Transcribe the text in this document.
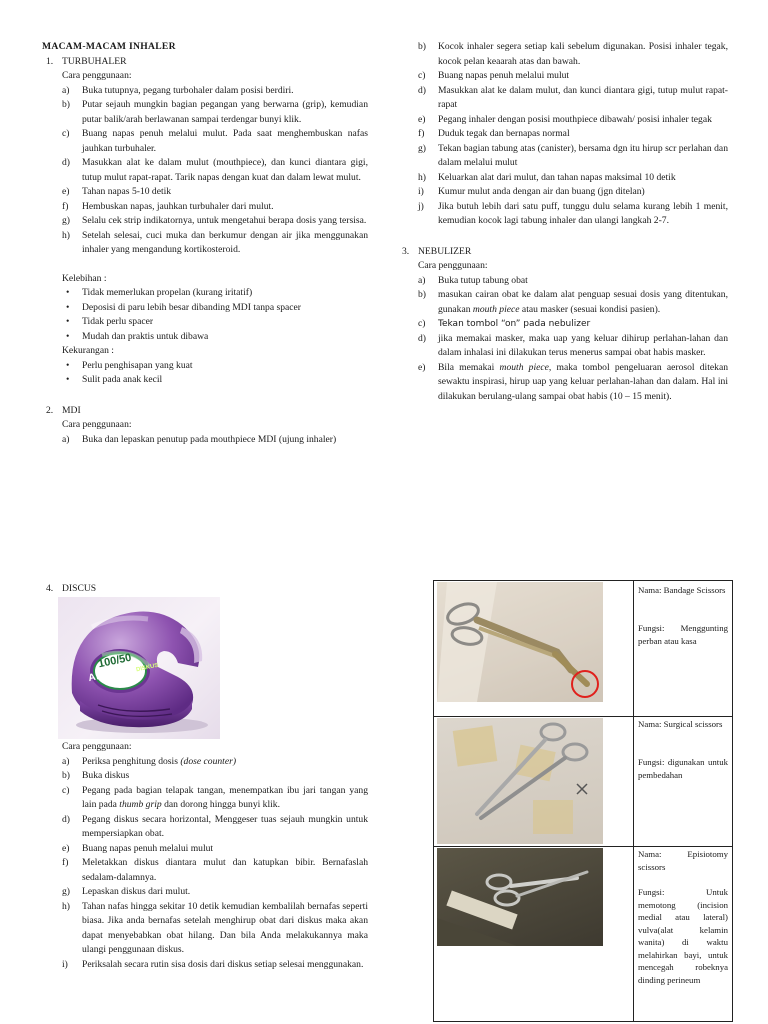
MACAM-MACAM INHALER
1. TURBUHALER
Cara penggunaan:
a) Buka tutupnya, pegang turbohaler dalam posisi berdiri.
b) Putar sejauh mungkin bagian pegangan yang berwarna (grip), kemudian putar balik/arah berlawanan sampai terdengar bunyi klik.
c) Buang napas penuh melalui mulut. Pada saat menghembuskan nafas jauhkan turbuhaler.
d) Masukkan alat ke dalam mulut (mouthpiece), dan kunci diantara gigi, tutup mulut rapat-rapat. Tarik napas dengan kuat dan dalam lewat mulut.
e) Tahan napas 5-10 detik
f) Hembuskan napas, jauhkan turbuhaler dari mulut.
g) Selalu cek strip indikatornya, untuk mengetahui berapa dosis yang tersisa.
h) Setelah selesai, cuci muka dan berkumur dengan air jika menggunakan inhaler yang mengandung kortikosteroid.
Kelebihan :
• Tidak memerlukan propelan (kurang iritatif)
• Deposisi di paru lebih besar dibanding MDI tanpa spacer
• Tidak perlu spacer
• Mudah dan praktis untuk dibawa
Kekurangan :
• Perlu penghisapan yang kuat
• Sulit pada anak kecil
2. MDI
Cara penggunaan:
a) Buka dan lepaskan penutup pada mouthpiece MDI (ujung inhaler)
b) Kocok inhaler segera setiap kali sebelum digunakan. Posisi inhaler tegak, kocok pelan keaarah atas dan bawah.
c) Buang napas penuh melalui mulut
d) Masukkan alat ke dalam mulut, dan kunci diantara gigi, tutup mulut rapat-rapat
e) Pegang inhaler dengan posisi mouthpiece dibawah/ posisi inhaler tegak
f) Duduk tegak dan bernapas normal
g) Tekan bagian tabung atas (canister), bersama dgn itu hirup scr perlahan dan dalam melalui mulut
h) Keluarkan alat dari mulut, dan tahan napas maksimal 10 detik
i) Kumur mulut anda dengan air dan buang (jgn ditelan)
j) Jika butuh lebih dari satu puff, tunggu dulu selama kurang lebih 1 menit, kemudian kocok lagi tabung inhaler dan ulangi langkah 2-7.
3. NEBULIZER
Cara penggunaan:
a) Buka tutup tabung obat
b) masukan cairan obat ke dalam alat penguap sesuai dosis yang ditentukan, gunakan mouth piece atau masker (sesuai kondisi pasien).
c) Tekan tombol “on” pada nebulizer
d) jika memakai masker, maka uap yang keluar dihirup perlahan-lahan dan dalam inhalasi ini dilakukan terus menerus sampai obat habis masker.
e) Bila memakai mouth piece, maka tombol pengeluaran aerosol ditekan sewaktu inspirasi, hirup uap yang keluar perlahan-lahan dan dalam. Hal ini dilakukan berulang-ulang sampai obat habis (10 – 15 menit).
4. DISCUS
100/50
ADVAIR DISKUS
Cara penggunaan:
a) Periksa penghitung dosis (dose counter)
b) Buka diskus
c) Pegang pada bagian telapak tangan, menempatkan ibu jari tangan yang lain pada thumb grip dan dorong hingga bunyi klik.
d) Pegang diskus secara horizontal, Menggeser tuas sejauh mungkin untuk mempersiapkan obat.
e) Buang napas penuh melalui mulut
f) Meletakkan diskus diantara mulut dan katupkan bibir. Bernafaslah sedalam-dalamnya.
g) Lepaskan diskus dari mulut.
h) Tahan nafas hingga sekitar 10 detik kemudian kembalilah bernafas seperti biasa. Jika anda bernafas setelah menghirup obat dari diskus maka akan dapat menyebabkan obat hilang. Dan bila Anda melakukannya maka ulangi penggunaan diskus.
i) Periksalah secara rutin sisa dosis dari diskus setiap selesai menggunakan.
Nama: Bandage Scissors
Fungsi: Menggunting perban atau kasa
Nama: Surgical scissors
Fungsi: digunakan untuk pembedahan
Nama: Episiotomy scissors
Fungsi: Untuk memotong (incision medial atau lateral) vulva(alat kelamin wanita) di waktu melahirkan bayi, untuk mencegah robeknya dinding perineum
